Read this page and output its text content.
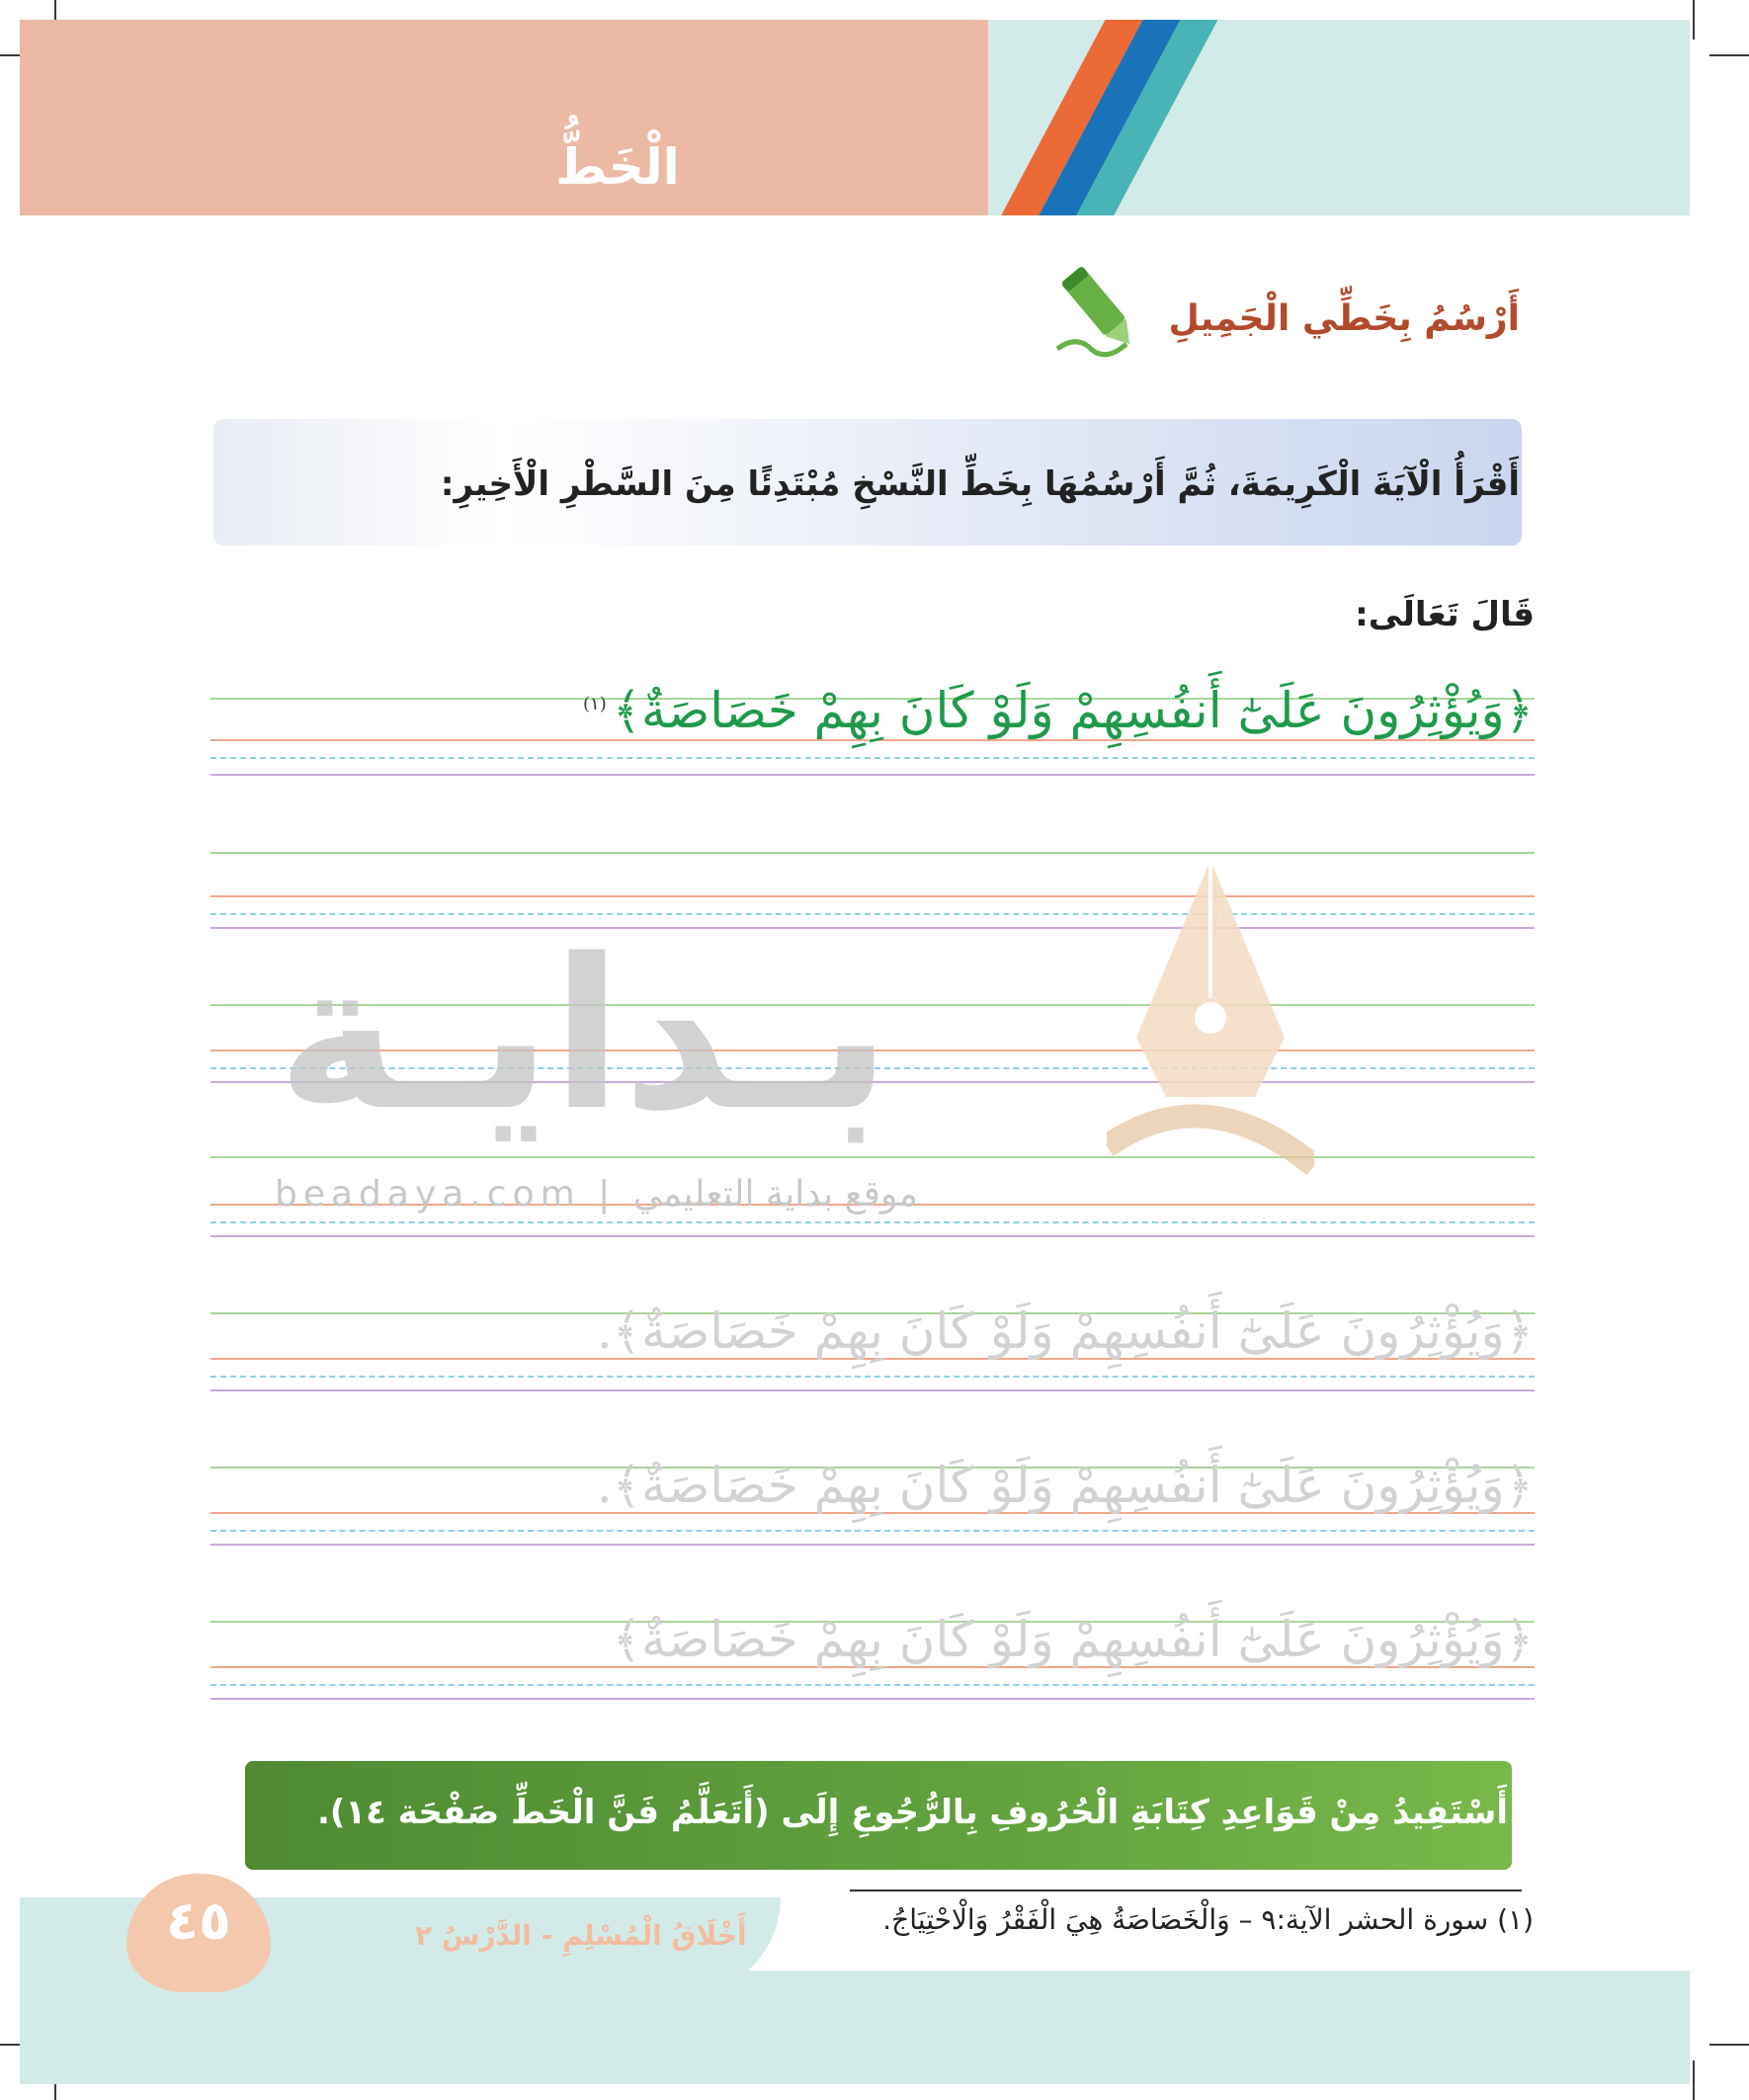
الْخَطُّ
أَرْسُمُ بِخَطِّي الْجَمِيلِ
أَقْرَأُ الْآيَةَ الْكَرِيمَةَ، ثُمَّ أَرْسُمُهَا بِخَطِّ النَّسْخِ مُبْتَدِئًا مِنَ السَّطْرِ الْأَخِيرِ:
قَالَ تَعَالَى:
﴿وَيُؤْثِرُونَ عَلَىٰٓ أَنفُسِهِمْ وَلَوْ كَانَ بِهِمْ خَصَاصَةٌ﴾$^{(١)}$
بـدايـة
beadaya.com | موقع بداية التعليمي
﴿وَيُؤْثِرُونَ عَلَىٰٓ أَنفُسِهِمْ وَلَوْ كَانَ بِهِمْ خَصَاصَةٌ﴾.
﴿وَيُؤْثِرُونَ عَلَىٰٓ أَنفُسِهِمْ وَلَوْ كَانَ بِهِمْ خَصَاصَةٌ﴾.
﴿وَيُؤْثِرُونَ عَلَىٰٓ أَنفُسِهِمْ وَلَوْ كَانَ بِهِمْ خَصَاصَةٌ﴾
أَسْتَفِيدُ مِنْ قَوَاعِدِ كِتَابَةِ الْحُرُوفِ بِالرُّجُوعِ إِلَى (أَتَعَلَّمُ فَنَّ الْخَطِّ صَفْحَة ١٤).
٤٥	أَخْلَاقُ الْمُسْلِمِ - الدَّرْسُ ٢	(١) سورة الحشر الآية:٩ – وَالْخَصَاصَةُ هِيَ الْفَقْرُ وَالْاحْتِيَاجُ.
